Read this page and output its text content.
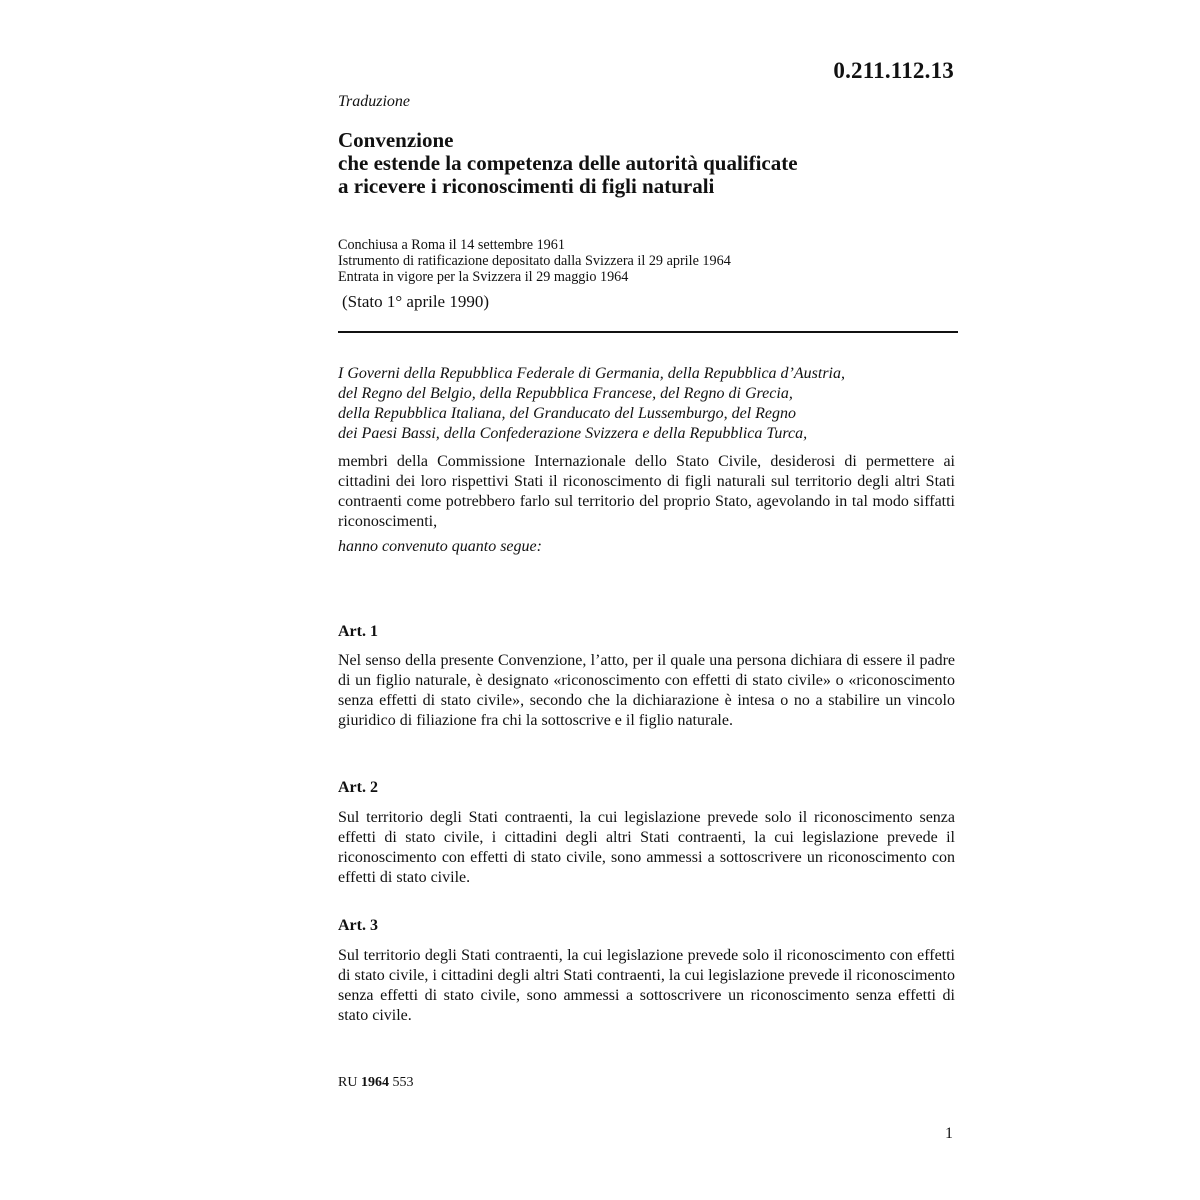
0.211.112.13

Traduzione

Convenzione
che estende la competenza delle autorità qualificate
a ricevere i riconoscimenti di figli naturali
Conchiusa a Roma il 14 settembre 1961
Istrumento di ratificazione depositato dalla Svizzera il 29 aprile 1964
Entrata in vigore per la Svizzera il 29 maggio 1964

(Stato 1° aprile 1990)

I Governi della Repubblica Federale di Germania, della Repubblica d’Austria,
del Regno del Belgio, della Repubblica Francese, del Regno di Grecia,
della Repubblica Italiana, del Granducato del Lussemburgo, del Regno
dei Paesi Bassi, della Confederazione Svizzera e della Repubblica Turca,

membri della Commissione Internazionale dello Stato Civile, desiderosi di permettere ai cittadini dei loro rispettivi Stati il riconoscimento di figli naturali sul territorio degli altri Stati contraenti come potrebbero farlo sul territorio del proprio Stato, agevolando in tal modo siffatti riconoscimenti,

hanno convenuto quanto segue:

Art. 1

Nel senso della presente Convenzione, l’atto, per il quale una persona dichiara di essere il padre di un figlio naturale, è designato «riconoscimento con effetti di stato civile» o «riconoscimento senza effetti di stato civile», secondo che la dichiarazione è intesa o no a stabilire un vincolo giuridico di filiazione fra chi la sottoscrive e il figlio naturale.

Art. 2

Sul territorio degli Stati contraenti, la cui legislazione prevede solo il riconoscimento senza effetti di stato civile, i cittadini degli altri Stati contraenti, la cui legislazione prevede il riconoscimento con effetti di stato civile, sono ammessi a sottoscrivere un riconoscimento con effetti di stato civile.

Art. 3

Sul territorio degli Stati contraenti, la cui legislazione prevede solo il riconoscimento con effetti di stato civile, i cittadini degli altri Stati contraenti, la cui legislazione prevede il riconoscimento senza effetti di stato civile, sono ammessi a sottoscrivere un riconoscimento senza effetti di stato civile.

RU 1964 553

1
